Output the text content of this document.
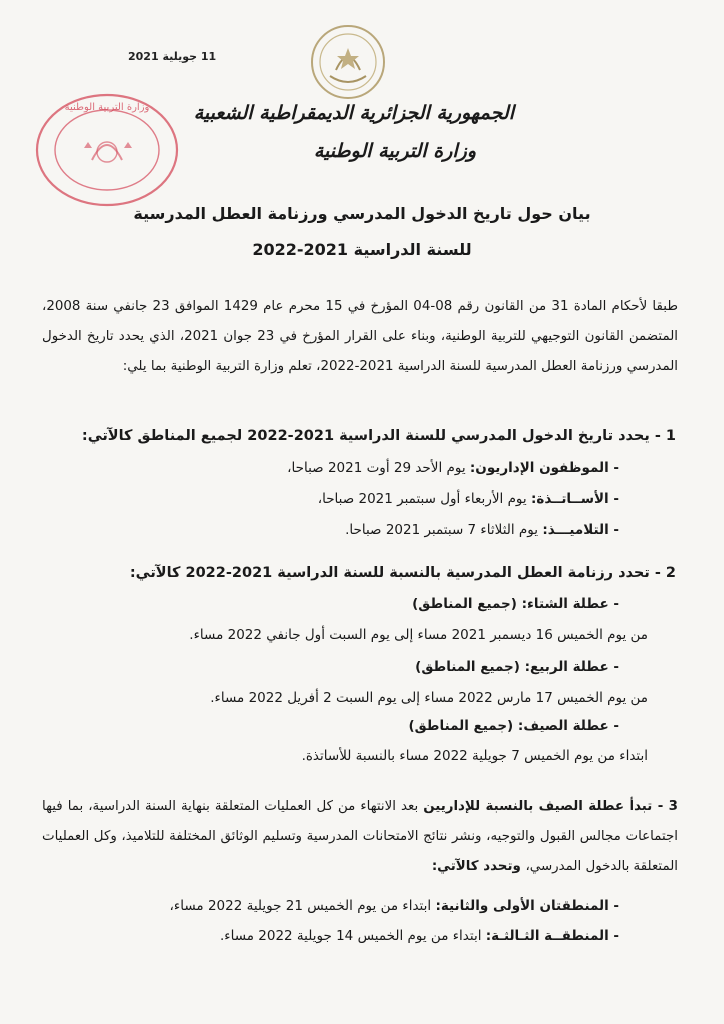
11 جويلية 2021
وزارة التربية الوطنية الجمهورية الجزائرية الديمقراطية الشعبية
وزارة التربية الوطنية
بيان حول تاريخ الدخول المدرسي ورزنامة العطل المدرسية
للسنة الدراسية 2021-2022
طبقا لأحكام المادة 31 من القانون رقم 08-04 المؤرخ في 15 محرم عام 1429 الموافق 23 جانفي سنة 2008، المتضمن القانون التوجيهي للتربية الوطنية، وبناء على القرار المؤرخ في 23 جوان 2021، الذي يحدد تاريخ الدخول المدرسي ورزنامة العطل المدرسية للسنة الدراسية 2021-2022، تعلم وزارة التربية الوطنية بما يلي:
1 - يحدد تاريخ الدخول المدرسي للسنة الدراسية 2021-2022 لجميع المناطق كالآتي:
- الموظفون الإداريون: يوم الأحد 29 أوت 2021 صباحا،
- الأســاتــذة: يوم الأربعاء أول سبتمبر 2021 صباحا،
- التلاميـــذ: يوم الثلاثاء 7 سبتمبر 2021 صباحا.
2 - تحدد رزنامة العطل المدرسية بالنسبة للسنة الدراسية 2021-2022 كالآتي:
- عطلة الشتاء: (جميع المناطق)
من يوم الخميس 16 ديسمبر 2021 مساء إلى يوم السبت أول جانفي 2022 مساء.
- عطلة الربيع: (جميع المناطق)
من يوم الخميس 17 مارس 2022 مساء إلى يوم السبت 2 أفريل 2022 مساء.
- عطلة الصيف: (جميع المناطق)
ابتداء من يوم الخميس 7 جويلية 2022 مساء بالنسبة للأساتذة.
3 - تبدأ عطلة الصيف بالنسبة للإداريين بعد الانتهاء من كل العمليات المتعلقة بنهاية السنة الدراسية، بما فيها اجتماعات مجالس القبول والتوجيه، ونشر نتائج الامتحانات المدرسية وتسليم الوثائق المختلفة للتلاميذ، وكل العمليات المتعلقة بالدخول المدرسي، وتحدد كالآتي:
- المنطقتان الأولى والثانية: ابتداء من يوم الخميس 21 جويلية 2022 مساء،
- المنطقــة الثـالثـة: ابتداء من يوم الخميس 14 جويلية 2022 مساء.
